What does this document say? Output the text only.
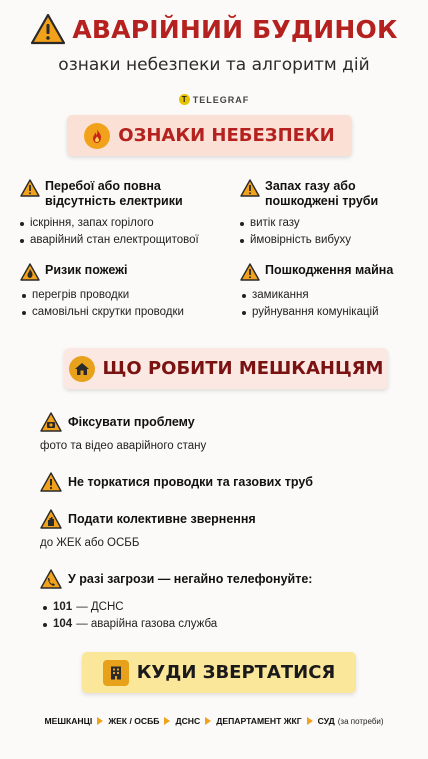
АВАРІЙНИЙ БУДИНОК
ознаки небезпеки та алгоритм дій
T TELEGRAF
ОЗНАКИ НЕБЕЗПЕКИ
Перебої або повна відсутність електрики
іскріння, запах горілого
аварійний стан електрощитової
Запах газу або пошкоджені труби
витік газу
ймовірність вибуху
Ризик пожежі
перегрів проводки
самовільні скрутки проводки
Пошкодження майна
замикання
руйнування комунікацій
ЩО РОБИТИ МЕШКАНЦЯМ
Фіксувати проблему
фото та відео аварійного стану
Не торкатися проводки та газових труб
Подати колективне звернення
до ЖЕК або ОСББ
У разі загрози — негайно телефонуйте:
101 — ДСНС
104 — аварійна газова служба
КУДИ ЗВЕРТАТИСЯ
МЕШКАНЦІ ЖЕК / ОСББ ДСНС ДЕПАРТАМЕНТ ЖКГ СУД (за потреби)
